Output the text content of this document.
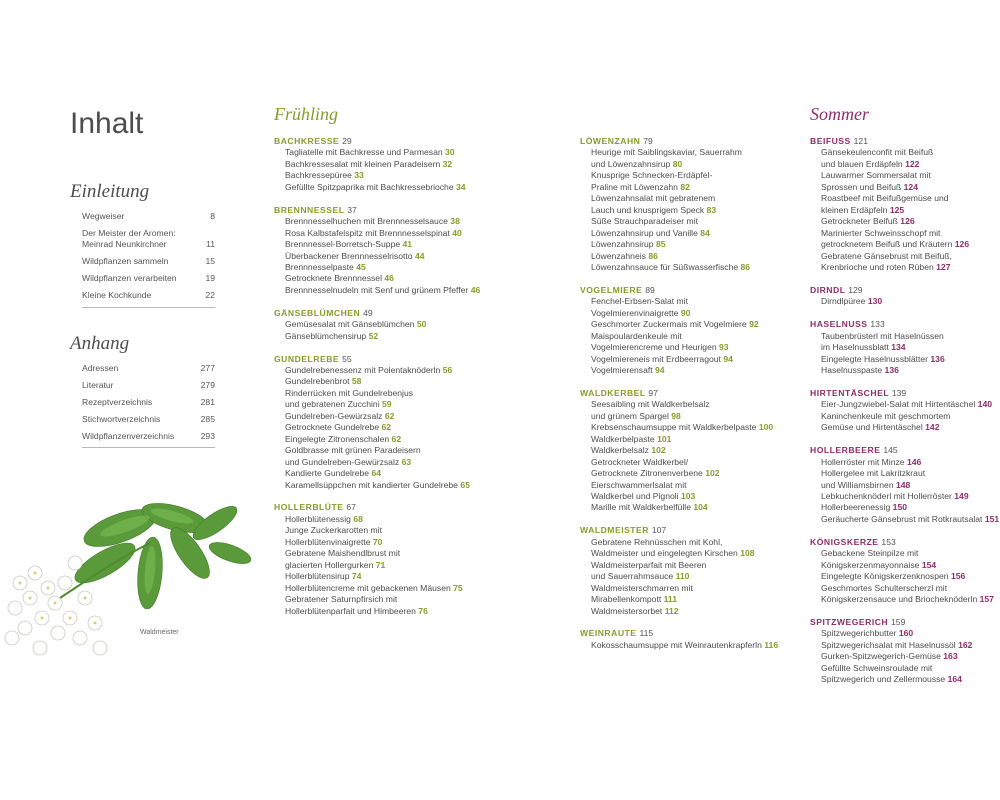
Inhalt
Einleitung
Wegweiser	8
Der Meister der Aromen:
Meinrad Neunkirchner	11
Wildpflanzen sammeln	15
Wildpflanzen verarbeiten	19
Kleine Kochkunde	22
Anhang
Adressen	277
Literatur	279
Rezeptverzeichnis	281
Stichwortverzeichnis	285
Wildpflanzenverzeichnis	293
Waldmeister
Frühling	Sommer
BACHKRESSE 29
Tagliatelle mit Bachkresse und Parmesan 30
Bachkressesalat mit kleinen Paradeisern 32
Bachkressepüree 33
Gefüllte Spitzpaprika mit Bachkressebrioche 34
BRENNNESSEL 37
Brennnesselhuchen mit Brennnesselsauce 38
Rosa Kalbstafelspitz mit Brennnesselspinat 40
Brennnessel-Borretsch-Suppe 41
Überbackener Brennnesselrisotto 44
Brennnesselpaste 45
Getrocknete Brennnessel 46
Brennnesselnudeln mit Senf und grünem Pfeffer 46
GÄNSEBLÜMCHEN 49
Gemüsesalat mit Gänseblümchen 50
Gänseblümchensirup 52
GUNDELREBE 55
Gundelrebenessenz mit Polentaknöderln 56
Gundelrebenbrot 58
Rinderrücken mit Gundelrebenjus
und gebratenen Zucchini 59
Gundelreben-Gewürzsalz 62
Getrocknete Gundelrebe 62
Eingelegte Zitronenschalen 62
Goldbrasse mit grünen Paradeisern
und Gundelreben-Gewürzsalz 63
Kandierte Gundelrebe 64
Karamellsüppchen mit kandierter Gundelrebe 65
HOLLERBLÜTE 67
Hollerblütenessig 68
Junge Zuckerkarotten mit
Hollerblütenvinaigrette 70
Gebratene Maishendlbrust mit
glacierten Hollergurken 71
Hollerblütensirup 74
Hollerblütencreme mit gebackenen Mäusen 75
Gebratener Saturnpfirsich mit
Hollerblütenparfait und Himbeeren 76
LÖWENZAHN 79
Heurige mit Saiblingskaviar, Sauerrahm
und Löwenzahnsirup 80
Knusprige Schnecken-Erdäpfel-
Praline mit Löwenzahn 82
Löwenzahnsalat mit gebratenem
Lauch und knusprigem Speck 83
Süße Strauchparadeiser mit
Löwenzahnsirup und Vanille 84
Löwenzahnsirup 85
Löwenzahneis 86
Löwenzahnsauce für Süßwasserfische 86
VOGELMIERE 89
Fenchel-Erbsen-Salat mit
Vogelmierenvinaigrette 90
Geschmorter Zuckermais mit Vogelmiere 92
Maispoulardenkeule mit
Vogelmierencreme und Heurigen 93
Vogelmiereneis mit Erdbeerragout 94
Vogelmierensaft 94
WALDKERBEL 97
Seesaibling mit Waldkerbelsalz
und grünem Spargel 98
Krebsenschaumsuppe mit Waldkerbelpaste 100
Waldkerbelpaste 101
Waldkerbelsalz 102
Getrockneter Waldkerbel/
Getrocknete Zitronenverbene 102
Eierschwammerlsalat mit
Waldkerbel und Pignoli 103
Marille mit Waldkerbelfülle 104
WALDMEISTER 107
Gebratene Rehnüsschen mit Kohl,
Waldmeister und eingelegten Kirschen 108
Waldmeisterparfait mit Beeren
und Sauerrahmsauce 110
Waldmeisterschmarren mit
Mirabellenkompott 111
Waldmeistersorbet 112
WEINRAUTE 115
Kokosschaumsuppe mit Weinrautenkrapferln 116
BEIFUSS 121
Gänsekeulenconfit mit Beifuß
und blauen Erdäpfeln 122
Lauwarmer Sommersalat mit
Sprossen und Beifuß 124
Roastbeef mit Beifußgemüse und
kleinen Erdäpfeln 125
Getrockneter Beifuß 126
Marinierter Schweinsschopf mit
getrocknetem Beifuß und Kräutern 126
Gebratene Gänsebrust mit Beifuß,
Krenbrioche und roten Rüben 127
DIRNDL 129
Dirndlpüree 130
HASELNUSS 133
Taubenbrüsterl mit Haselnüssen
im Haselnussblatt 134
Eingelegte Haselnussblätter 136
Haselnusspaste 136
HIRTENTÄSCHEL 139
Eier-Jungzwiebel-Salat mit Hirtentäschel 140
Kaninchenkeule mit geschmortem
Gemüse und Hirtentäschel 142
HOLLERBEERE 145
Hollerröster mit Minze 146
Hollergelee mit Lakritzkraut
und Williamsbirnen 148
Lebkuchenknöderl mit Hollerröster 149
Hollerbeerenessig 150
Geräucherte Gänsebrust mit Rotkrautsalat 151
KÖNIGSKERZE 153
Gebackene Steinpilze mit
Königskerzenmayonnaise 154
Eingelegte Königskerzenknospen 156
Geschmortes Schulterscherzl mit
Königskerzensauce und Briocheknöderln 157
SPITZWEGERICH 159
Spitzwegerichbutter 160
Spitzwegerichsalat mit Haselnussöl 162
Gurken-Spitzwegerich-Gemüse 163
Gefüllte Schweinsroulade mit
Spitzwegerich und Zellermousse 164
